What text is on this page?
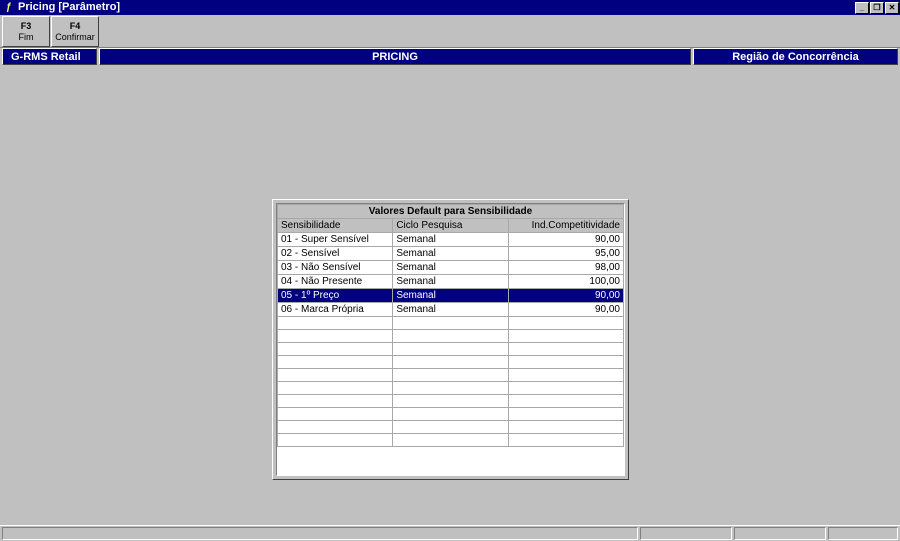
ƒ Pricing [Parâmetro]	_	❐	✕
F3
Fim
F4
Confirmar
G-RMS Retail	PRICING	Região de Concorrência
Valores Default para Sensibilidade		
Sensibilidade	Ciclo Pesquisa	Ind.Competitividade
01 - Super Sensível	Semanal	90,00
02 - Sensível	Semanal	95,00
03 - Não Sensível	Semanal	98,00
04 - Não Presente	Semanal	100,00
05 - 1º Preço	Semanal	90,00
06 - Marca Própria	Semanal	90,00
